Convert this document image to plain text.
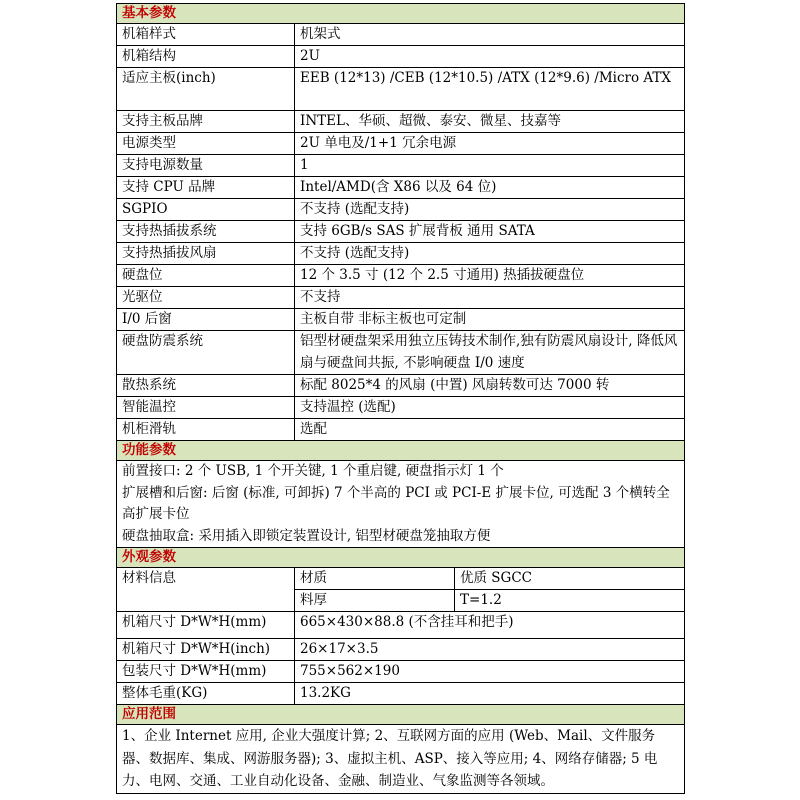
基本参数		
机箱样式	机架式	
机箱结构	2U	
适应主板(inch)	EEB (12*13) /CEB (12*10.5) /ATX (12*9.6) /Micro ATX	
支持主板品牌	INTEL、华硕、超微、泰安、微星、技嘉等	
电源类型	2U 单电及/1+1 冗余电源	
支持电源数量	1	
支持 CPU 品牌	Intel/AMD(含 X86 以及 64 位)	
SGPIO	不支持 (选配支持)	
支持热插拔系统	支持 6GB/s SAS 扩展背板 通用 SATA	
支持热插拔风扇	不支持 (选配支持)	
硬盘位	12 个 3.5 寸 (12 个 2.5 寸通用) 热插拔硬盘位	
光驱位	不支持	
I/0 后窗	主板自带 非标主板也可定制	
硬盘防震系统	铝型材硬盘架采用独立压铸技术制作,独有防震风扇设计, 降低风扇与硬盘间共振, 不影响硬盘 I/0 速度	
散热系统	标配 8025*4 的风扇 (中置) 风扇转数可达 7000 转	
智能温控	支持温控 (选配)	
机柜滑轨	选配	
功能参数		

前置接口: 2 个 USB, 1 个开关键, 1 个重启键, 硬盘指示灯 1 个
扩展槽和后窗: 后窗 (标准, 可卸拆) 7 个半高的 PCI 或 PCI-E 扩展卡位, 可选配 3 个横转全高扩展卡位
硬盘抽取盒: 采用插入即锁定装置设计, 铝型材硬盘笼抽取方便		

外观参数		
材料信息	材质	优质 SGCC
	料厚	T=1.2
机箱尺寸 D*W*H(mm)	665×430×88.8 (不含挂耳和把手)	
机箱尺寸 D*W*H(inch)	26×17×3.5	
包装尺寸 D*W*H(mm)	755×562×190	
整体毛重(KG)	13.2KG	
应用范围		
1、企业 Internet 应用, 企业大强度计算; 2、互联网方面的应用 (Web、Mail、文件服务器、数据库、集成、网游服务器); 3、虚拟主机、ASP、接入等应用; 4、网络存储器; 5 电力、电网、交通、工业自动化设备、金融、制造业、气象监测等各领域。		
